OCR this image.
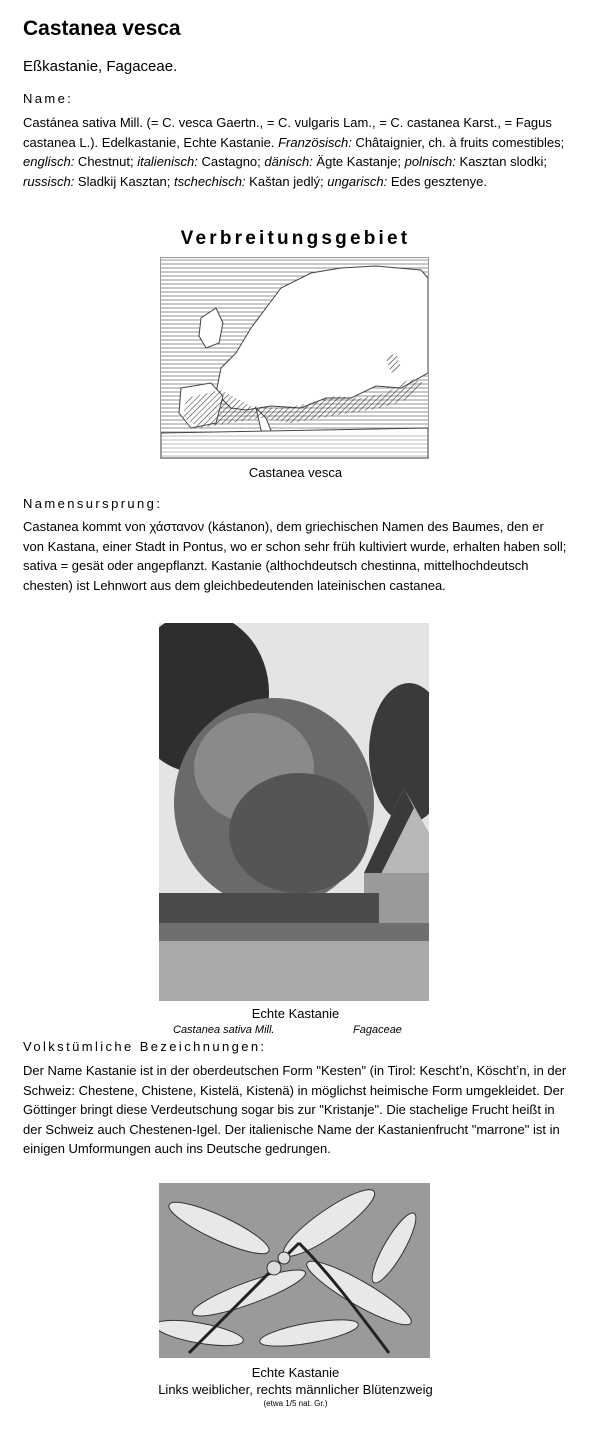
Castanea vesca
Eßkastanie, Fagaceae.
Name:
Castánea sativa Mill. (= C. vesca Gaertn., = C. vulgaris Lam., = C. castanea Karst., = Fagus castanea L.). Edelkastanie, Echte Kastanie. Französisch: Châtaignier, ch. à fruits comestibles; englisch: Chestnut; italienisch: Castagno; dänisch: Ägte Kastanje; polnisch: Kasztan slodki; russisch: Sladkij Kasztan; tschechisch: Kaštan jedlý; ungarisch: Edes gesztenye.
Verbreitungsgebiet
Castanea vesca
Namensursprung:
Castanea kommt von χάστανον (kástanon), dem griechischen Namen des Baumes, den er von Kastana, einer Stadt in Pontus, wo er schon sehr früh kultiviert wurde, erhalten haben soll; sativa = gesät oder angepflanzt. Kastanie (althochdeutsch chestinna, mittelhochdeutsch chesten) ist Lehnwort aus dem gleichbedeutenden lateinischen castanea.
Echte Kastanie
Castanea sativa Mill.	Fagaceae
Volkstümliche Bezeichnungen:
Der Name Kastanie ist in der oberdeutschen Form "Kesten" (in Tirol: Keschtʼn, Köschtʼn, in der Schweiz: Chestene, Chistene, Kistelä, Kistenä) in möglichst heimische Form umgekleidet. Der Göttinger bringt diese Verdeutschung sogar bis zur "Kristanje". Die stachelige Frucht heißt in der Schweiz auch Chestenen-Igel. Der italienische Name der Kastanienfrucht "marrone" ist in einigen Umformungen auch ins Deutsche gedrungen.
Echte Kastanie
Links weiblicher, rechts männlicher Blütenzweig
(etwa 1/5 nat. Gr.)
